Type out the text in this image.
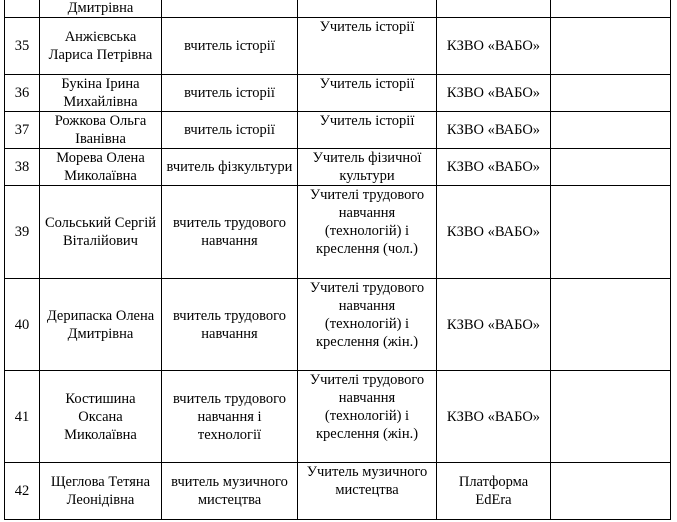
	Дмитрівна				
35	Анжієвська Лариса Петрівна	вчитель історії	Учитель історії	КЗВО «ВАБО»	
36	Букіна Ірина Михайлівна	вчитель історії	Учитель історії	КЗВО «ВАБО»	
37	Рожкова Ольга Іванівна	вчитель історії	Учитель історії	КЗВО «ВАБО»	
38	Морева Олена Миколаївна	вчитель фізкультури	Учитель фізичної культури	КЗВО «ВАБО»	
39	Сольський Сергій Віталійович	вчитель трудового навчання	Учителі трудового навчання (технологій) і креслення (чол.)	КЗВО «ВАБО»	
40	Дерипаска Олена Дмитрівна	вчитель трудового навчання	Учителі трудового навчання (технологій) і креслення (жін.)	КЗВО «ВАБО»	
41	Костишина Оксана Миколаївна	вчитель трудового навчання і технології	Учителі трудового навчання (технологій) і креслення (жін.)	КЗВО «ВАБО»	
42	Щеглова Тетяна Леонідівна	вчитель музичного мистецтва	Учитель музичного мистецтва	Платформа EdEra	
